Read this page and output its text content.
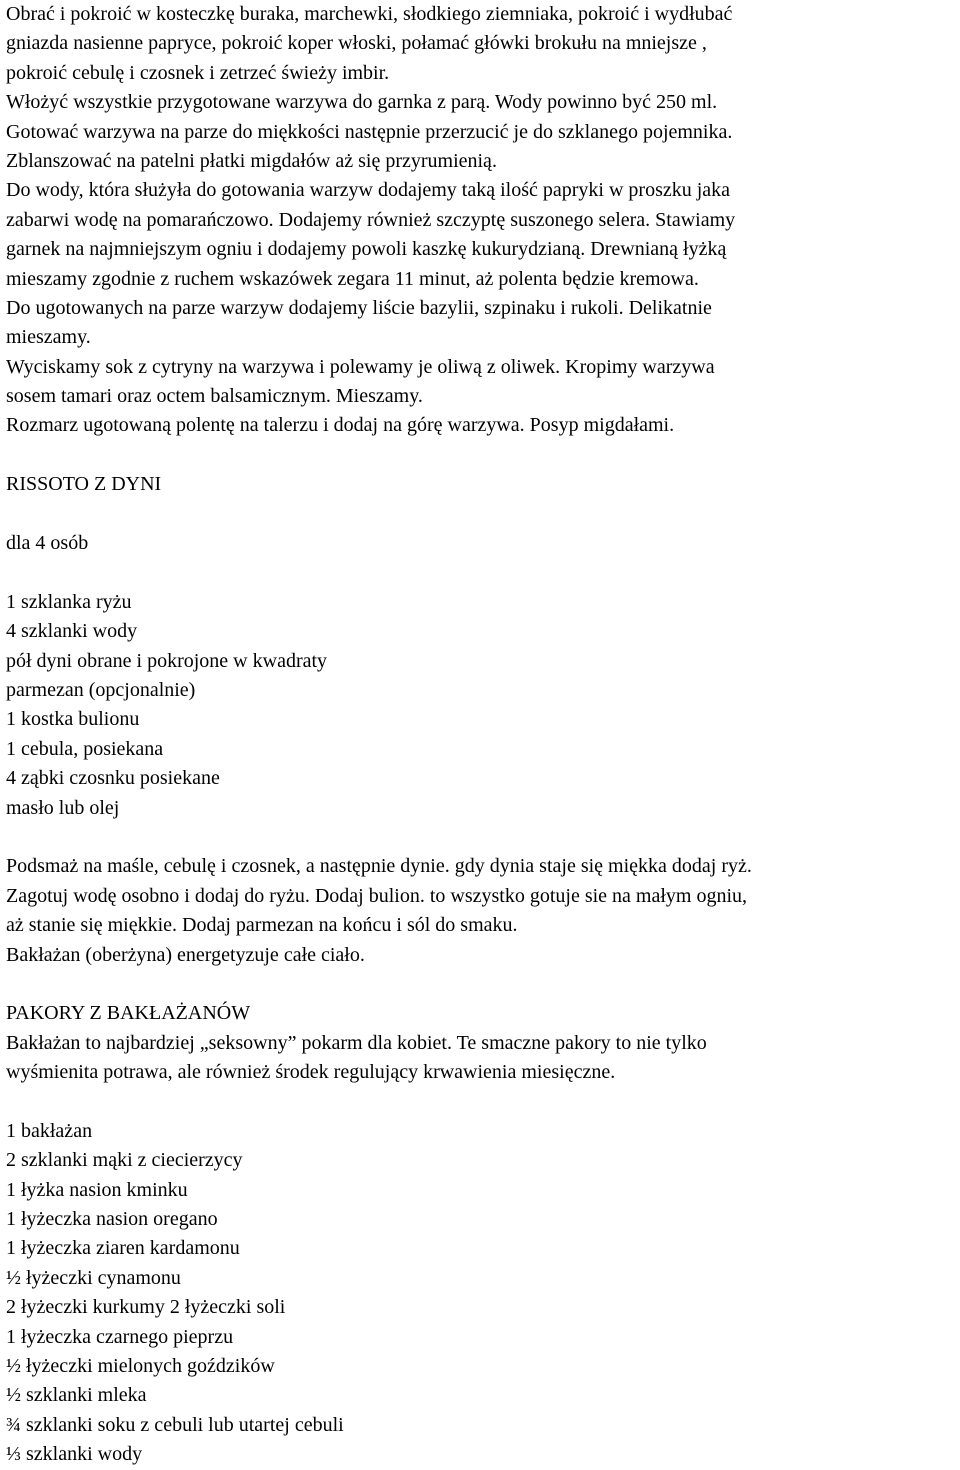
Obrać i pokroić w kosteczkę buraka, marchewki, słodkiego ziemniaka, pokroić i wydłubać
gniazda nasienne papryce, pokroić koper włoski, połamać główki brokułu na mniejsze ,
pokroić cebulę i czosnek i zetrzeć świeży imbir.
Włożyć wszystkie przygotowane warzywa do garnka z parą. Wody powinno być 250 ml.
Gotować warzywa na parze do miękkości następnie przerzucić je do szklanego pojemnika.
Zblanszować na patelni płatki migdałów aż się przyrumienią.
Do wody, która służyła do gotowania warzyw dodajemy taką ilość papryki w proszku jaka
zabarwi wodę na pomarańczowo. Dodajemy również szczyptę suszonego selera. Stawiamy
garnek na najmniejszym ogniu i dodajemy powoli kaszkę kukurydzianą. Drewnianą łyżką
mieszamy zgodnie z ruchem wskazówek zegara 11 minut, aż polenta będzie kremowa.
Do ugotowanych na parze warzyw dodajemy liście bazylii, szpinaku i rukoli. Delikatnie
mieszamy.
Wyciskamy sok z cytryny na warzywa i polewamy je oliwą z oliwek. Kropimy warzywa
sosem tamari oraz octem balsamicznym. Mieszamy.
Rozmarz ugotowaną polentę na talerzu i dodaj na górę warzywa. Posyp migdałami.
RISSOTO Z DYNI
dla 4 osób
1 szklanka ryżu
4 szklanki wody
pół dyni obrane i pokrojone w kwadraty
parmezan (opcjonalnie)
1 kostka bulionu
1 cebula, posiekana
4 ząbki czosnku posiekane
masło lub olej
Podsmaż na maśle, cebulę i czosnek, a następnie dynie. gdy dynia staje się miękka dodaj ryż.
Zagotuj wodę osobno i dodaj do ryżu. Dodaj bulion. to wszystko gotuje sie na małym ogniu,
aż stanie się miękkie. Dodaj parmezan na końcu i sól do smaku.
Bakłażan (oberżyna) energetyzuje całe ciało.
PAKORY Z BAKŁAŻANÓW
Bakłażan to najbardziej „seksowny” pokarm dla kobiet. Te smaczne pakory to nie tylko
wyśmienita potrawa, ale również środek regulujący krwawienia miesięczne.
1 bakłażan
2 szklanki mąki z ciecierzycy
1 łyżka nasion kminku
1 łyżeczka nasion oregano
1 łyżeczka ziaren kardamonu
½ łyżeczki cynamonu
2 łyżeczki kurkumy 2 łyżeczki soli
1 łyżeczka czarnego pieprzu
½ łyżeczki mielonych goździków
½ szklanki mleka
¾ szklanki soku z cebuli lub utartej cebuli
⅓ szklanki wody
